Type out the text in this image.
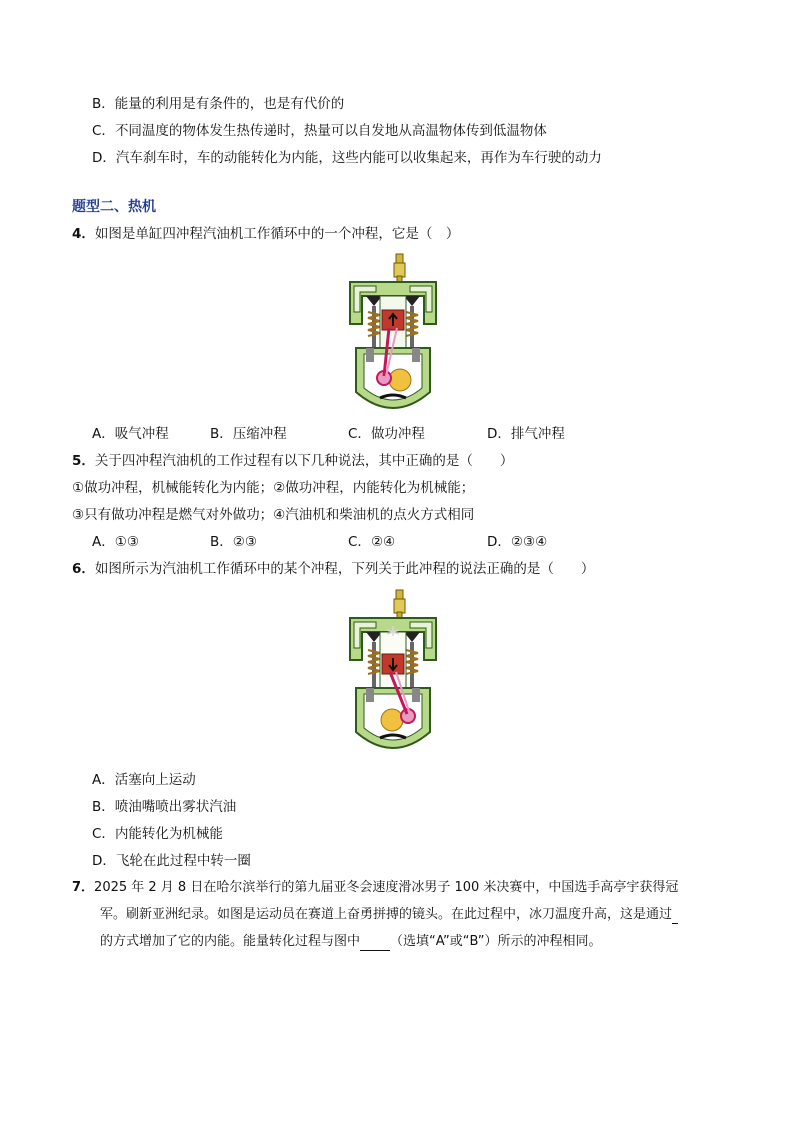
B．能量的利用是有条件的，也是有代价的
C．不同温度的物体发生热传递时，热量可以自发地从高温物体传到低温物体
D．汽车刹车时，车的动能转化为内能，这些内能可以收集起来，再作为车行驶的动力
题型二、热机
4．如图是单缸四冲程汽油机工作循环中的一个冲程，它是（　）
A．吸气冲程	B．压缩冲程	C．做功冲程	D．排气冲程
5．关于四冲程汽油机的工作过程有以下几种说法，其中正确的是（　　）
①做功冲程，机械能转化为内能；②做功冲程，内能转化为机械能；
③只有做功冲程是燃气对外做功；④汽油机和柴油机的点火方式相同
A．①③	B．②③	C．②④	D．②③④
6．如图所示为汽油机工作循环中的某个冲程，下列关于此冲程的说法正确的是（　　）
A．活塞向上运动
B．喷油嘴喷出雾状汽油
C．内能转化为机械能
D．飞轮在此过程中转一圈
7．2025 年 2 月 8 日在哈尔滨举行的第九届亚冬会速度滑冰男子 100 米决赛中，中国选手高亭宇获得冠
军。刷新亚洲纪录。如图是运动员在赛道上奋勇拼搏的镜头。在此过程中，冰刀温度升高，这是通过
的方式增加了它的内能。能量转化过程与图中 （选填“A”或“B”）所示的冲程相同。
